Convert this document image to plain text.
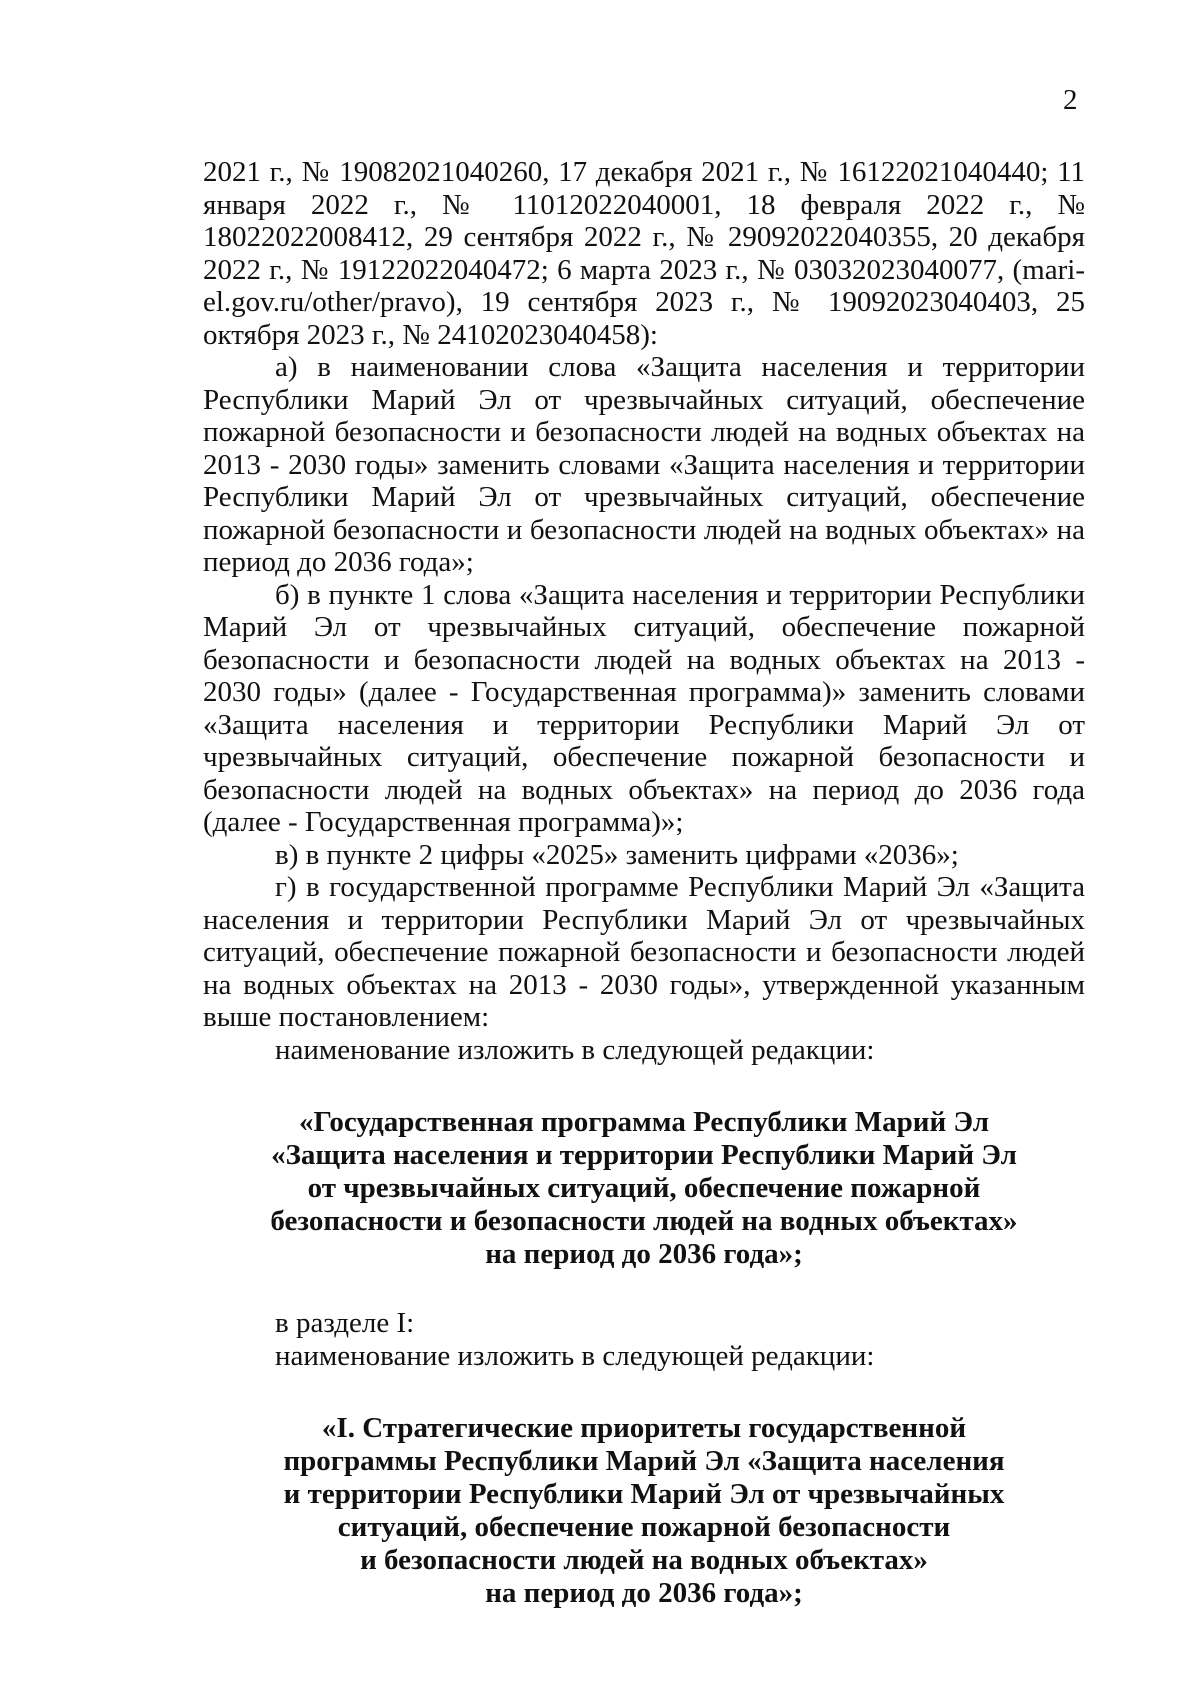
2

2021 г., № 19082021040260, 17 декабря 2021 г., № 16122021040440; 11 января 2022 г., № 11012022040001, 18 февраля 2022 г., № 18022022008412, 29 сентября 2022 г., № 29092022040355, 20 декабря 2022 г., № 19122022040472; 6 марта 2023 г., № 03032023040077, (mari-el.gov.ru/other/pravo), 19 сентября 2023 г., № 19092023040403, 25 октября 2023 г., № 24102023040458):

а) в наименовании слова «Защита населения и территории Республики Марий Эл от чрезвычайных ситуаций, обеспечение пожарной безопасности и безопасности людей на водных объектах на 2013 - 2030 годы» заменить словами «Защита населения и территории Республики Марий Эл от чрезвычайных ситуаций, обеспечение пожарной безопасности и безопасности людей на водных объектах» на период до 2036 года»;

б) в пункте 1 слова «Защита населения и территории Республики Марий Эл от чрезвычайных ситуаций, обеспечение пожарной безопасности и безопасности людей на водных объектах на 2013 - 2030 годы» (далее - Государственная программа)» заменить словами «Защита населения и территории Республики Марий Эл от чрезвычайных ситуаций, обеспечение пожарной безопасности и безопасности людей на водных объектах» на период до 2036 года (далее - Государственная программа)»;

в) в пункте 2 цифры «2025» заменить цифрами «2036»;

г) в государственной программе Республики Марий Эл «Защита населения и территории Республики Марий Эл от чрезвычайных ситуаций, обеспечение пожарной безопасности и безопасности людей на водных объектах на 2013 - 2030 годы», утвержденной указанным выше постановлением:

наименование изложить в следующей редакции:

«Государственная программа Республики Марий Эл
«Защита населения и территории Республики Марий Эл
от чрезвычайных ситуаций, обеспечение пожарной
безопасности и безопасности людей на водных объектах»
на период до 2036 года»;

в разделе I:

наименование изложить в следующей редакции:

«I. Стратегические приоритеты государственной
программы Республики Марий Эл «Защита населения
и территории Республики Марий Эл от чрезвычайных
ситуаций, обеспечение пожарной безопасности
и безопасности людей на водных объектах»
на период до 2036 года»;
